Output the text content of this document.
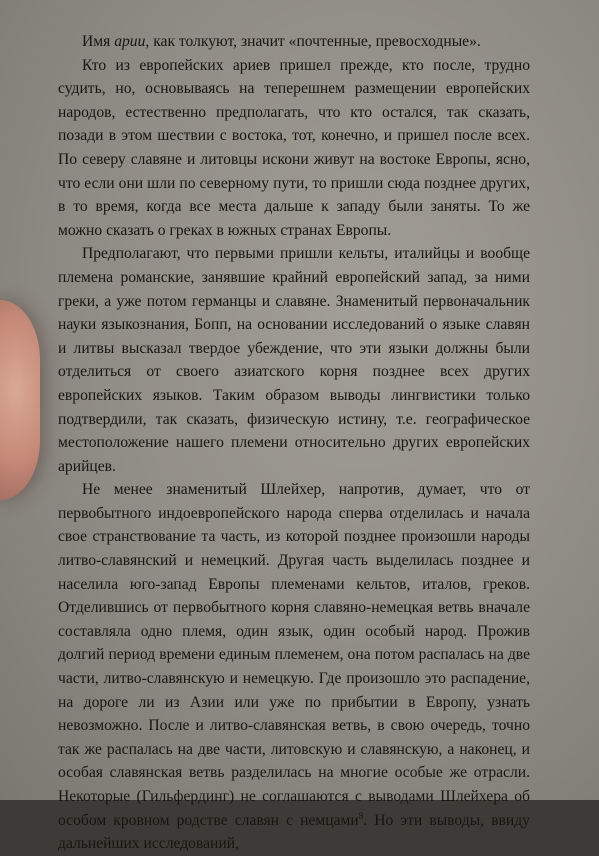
Имя арии, как толкуют, значит «почтенные, превосходные».

Кто из европейских ариев пришел прежде, кто после, трудно судить, но, основываясь на теперешнем размещении европейских народов, естественно предполагать, что кто остался, так сказать, позади в этом шествии с востока, тот, конечно, и пришел после всех. По северу славяне и литовцы искони живут на востоке Европы, ясно, что если они шли по северному пути, то пришли сюда позднее других, в то время, когда все места дальше к западу были заняты. То же можно сказать о греках в южных странах Европы.

Предполагают, что первыми пришли кельты, италийцы и вообще племена романские, занявшие крайний европейский запад, за ними греки, а уже потом германцы и славяне. Знаменитый первоначальник науки языкознания, Бопп, на основании исследований о языке славян и литвы высказал твердое убеждение, что эти языки должны были отделиться от своего азиатского корня позднее всех других европейских языков. Таким образом выводы лингвистики только подтвердили, так сказать, физическую истину, т.е. географическое местоположение нашего племени относительно других европейских арийцев.

Не менее знаменитый Шлейхер, напротив, думает, что от первобытного индоевропейского народа сперва отделилась и начала свое странствование та часть, из которой позднее произошли народы литво-славянский и немецкий. Другая часть выделилась позднее и населила юго-запад Европы племенами кельтов, италов, греков. Отделившись от первобытного корня славяно-немецкая ветвь вначале составляла одно племя, один язык, один особый народ. Прожив долгий период времени единым племенем, она потом распалась на две части, литво-славянскую и немецкую. Где произошло это распадение, на дороге ли из Азии или уже по прибытии в Европу, узнать невозможно. После и литво-славянская ветвь, в свою очередь, точно так же распалась на две части, литовскую и славянскую, а наконец, и особая славянская ветвь разделилась на многие особые же отрасли. Некоторые (Гильфердинг) не соглашаются с выводами Шлейхера об особом кровном родстве славян с немцами$^8$. Но эти выводы, ввиду дальнейших исследований,
